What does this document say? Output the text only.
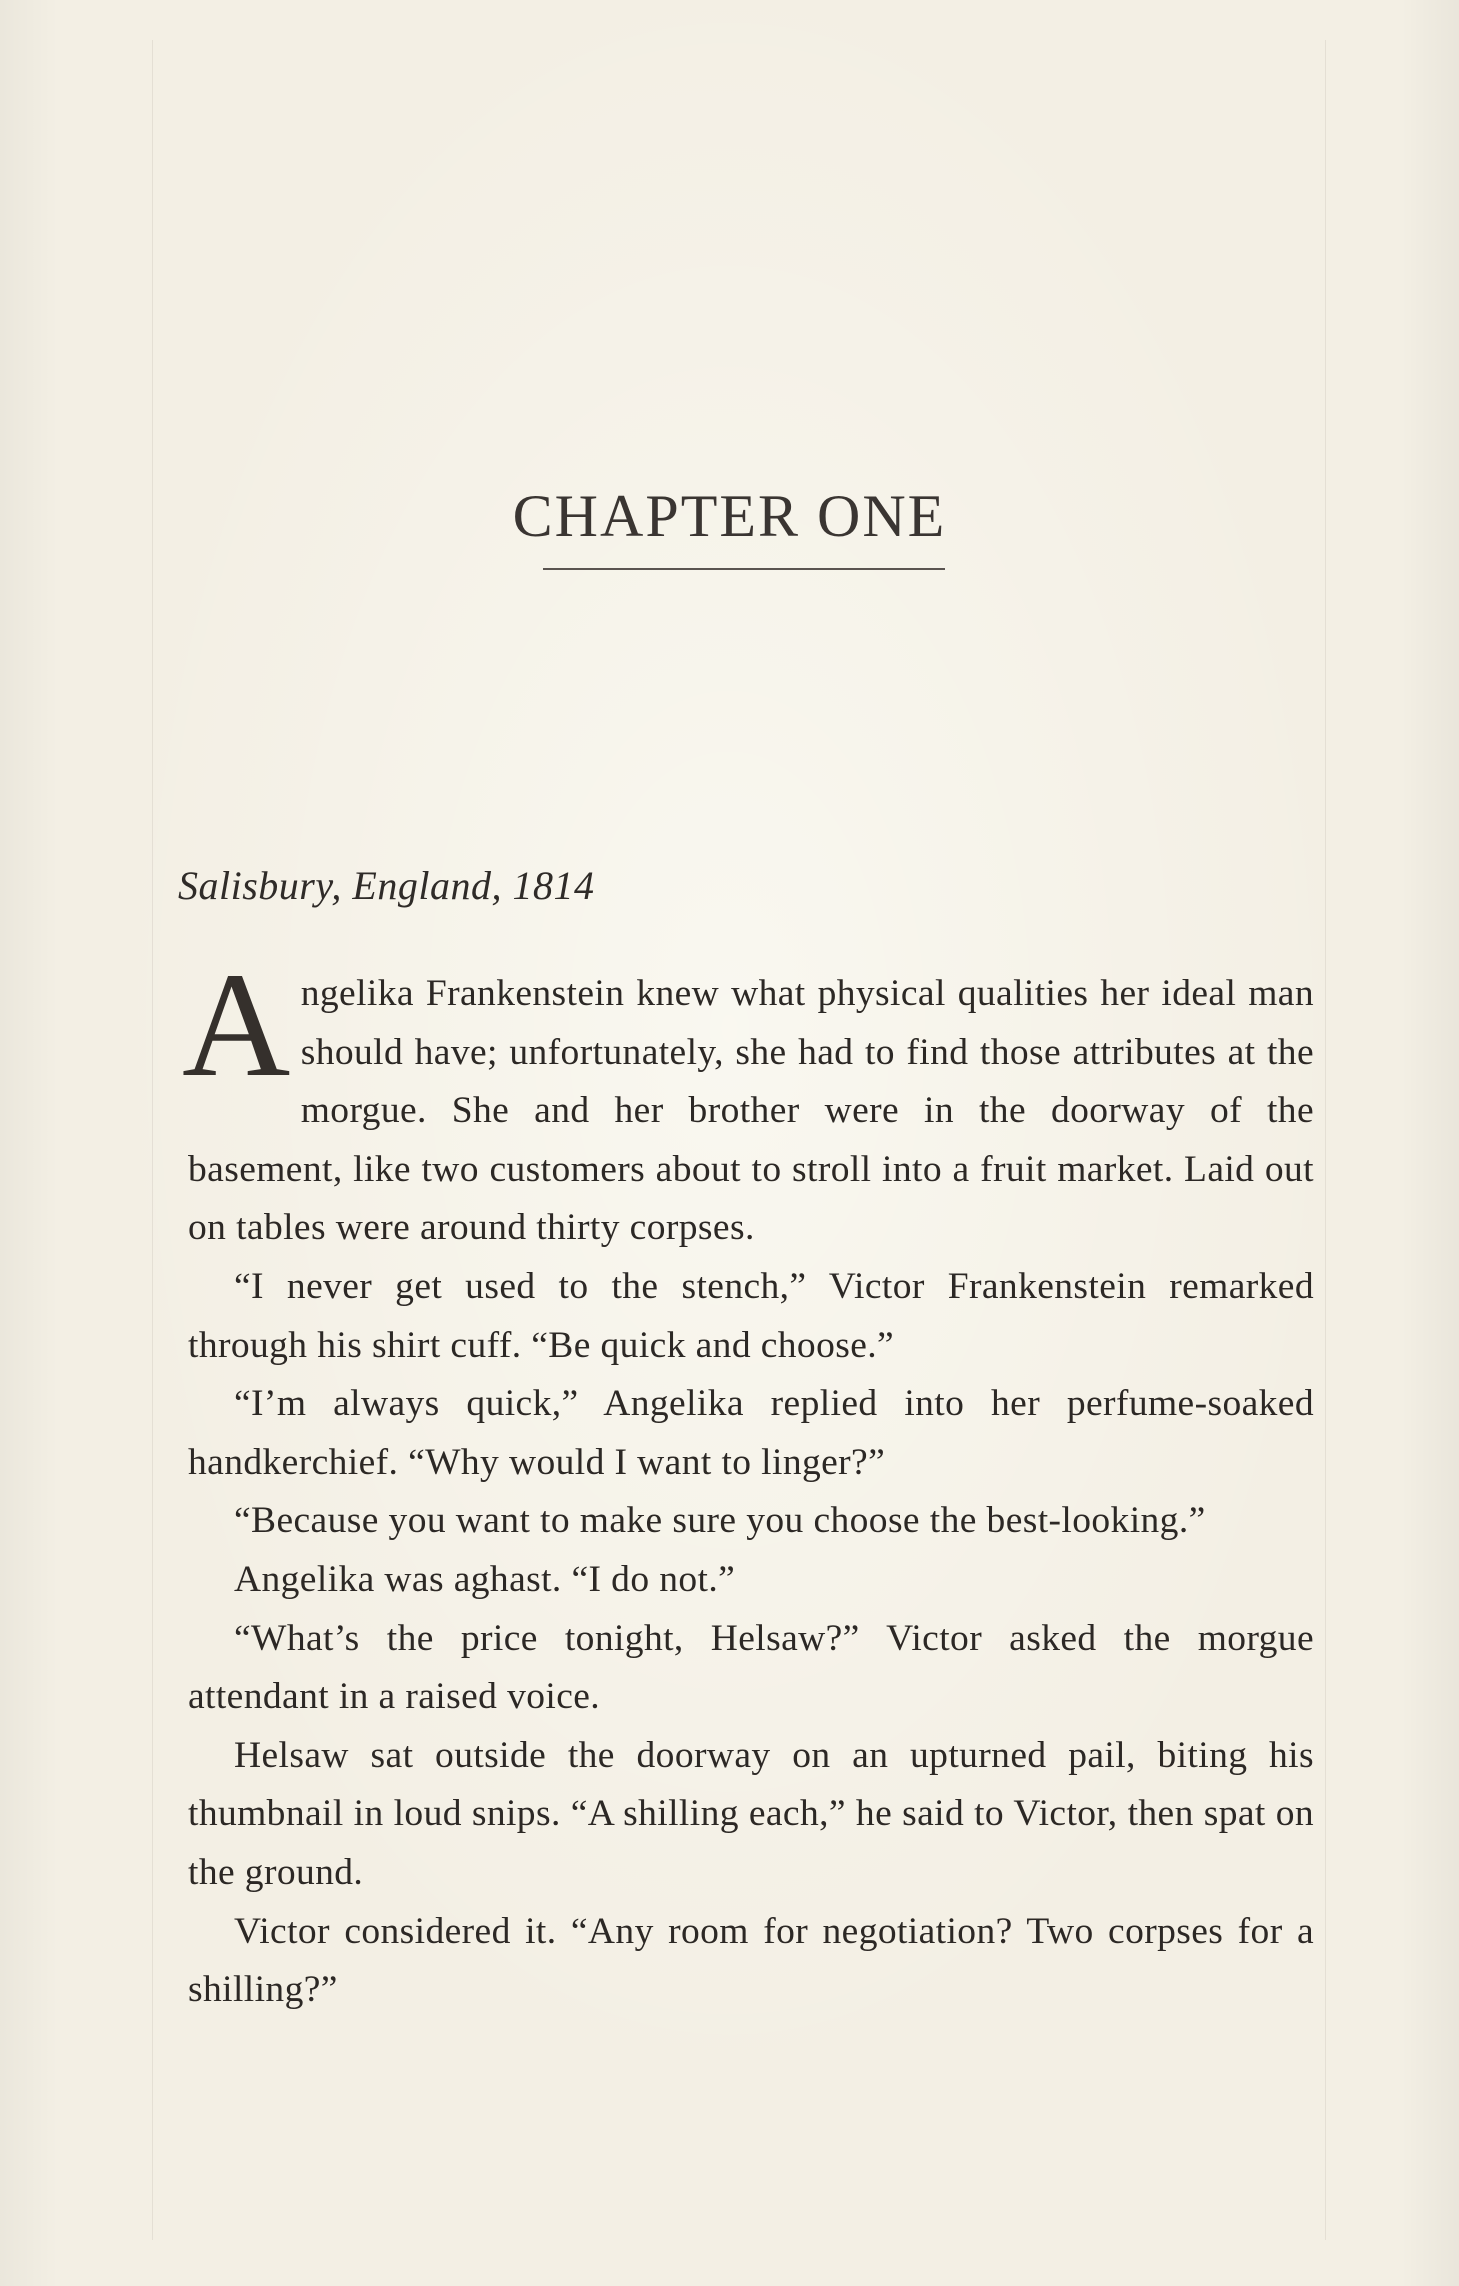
CHAPTER ONE
Salisbury, England, 1814

A ngelika Frankenstein knew what physical qualities her ideal man should have; unfortunately, she had to find those attributes at the morgue. She and her brother were in the doorway of the basement, like two customers about to stroll into a fruit market. Laid out on tables were around thirty corpses.

“I never get used to the stench,” Victor Frankenstein remarked through his shirt cuff. “Be quick and choose.”

“I’m always quick,” Angelika replied into her perfume-soaked handkerchief. “Why would I want to linger?”

“Because you want to make sure you choose the best-looking.”

Angelika was aghast. “I do not.”

“What’s the price tonight, Helsaw?” Victor asked the morgue attendant in a raised voice.

Helsaw sat outside the doorway on an upturned pail, biting his thumbnail in loud snips. “A shilling each,” he said to Victor, then spat on the ground.

Victor considered it. “Any room for negotiation? Two corpses for a shilling?”
